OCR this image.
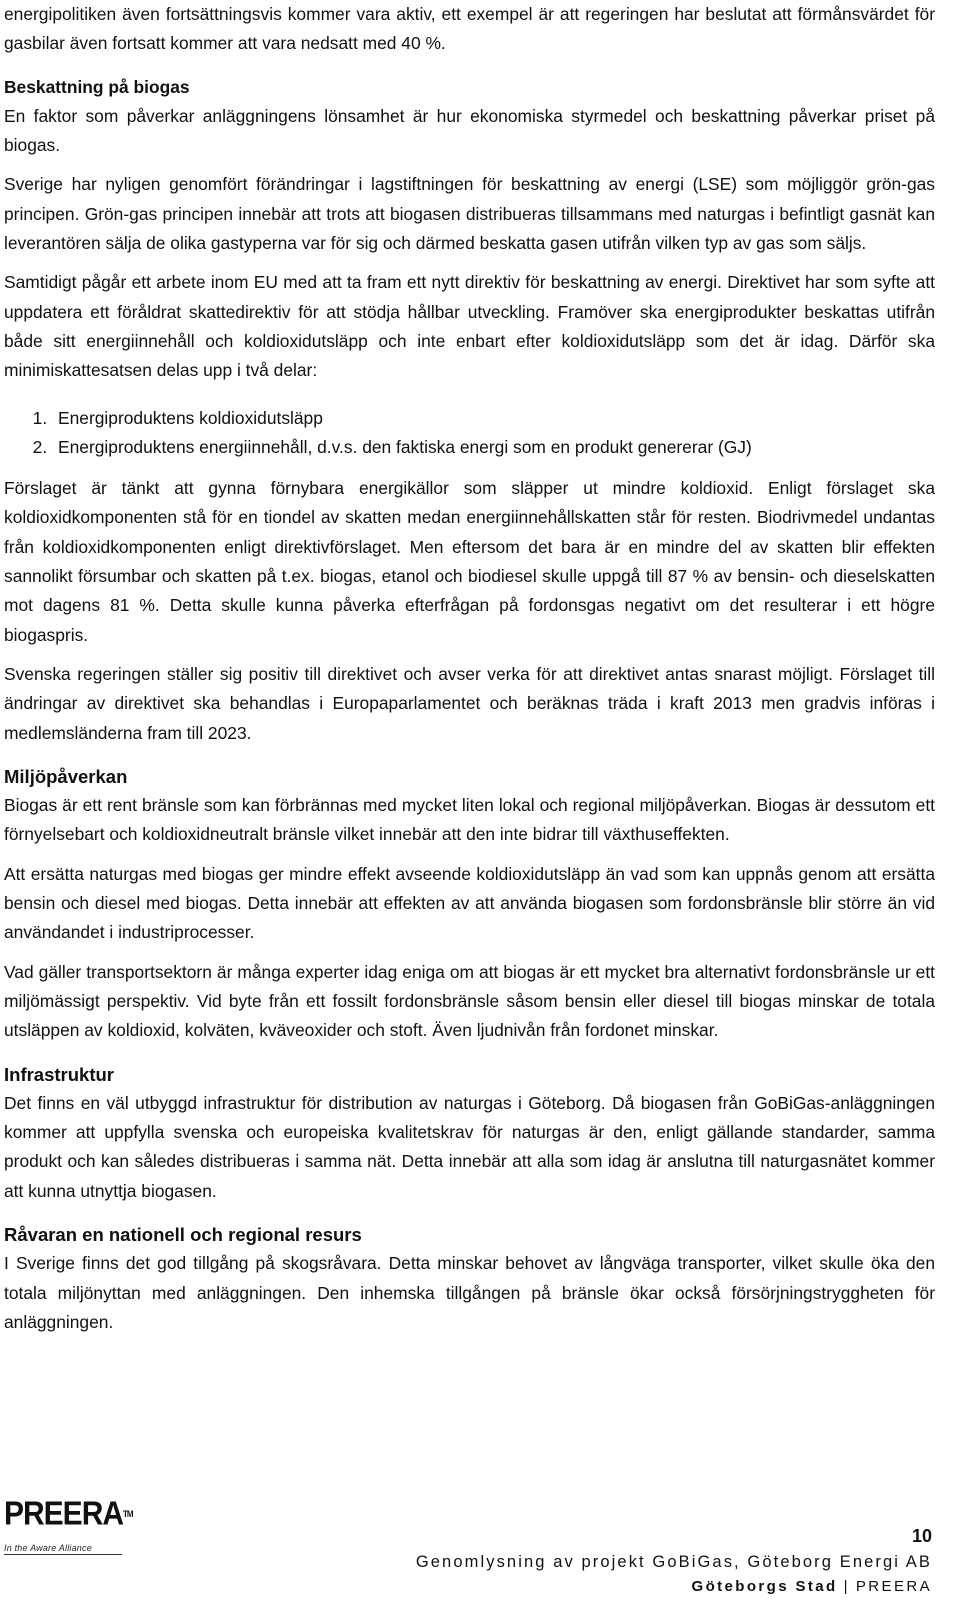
energipolitiken även fortsättningsvis kommer vara aktiv, ett exempel är att regeringen har beslutat att förmånsvärdet för gasbilar även fortsatt kommer att vara nedsatt med 40 %.

Beskattning på biogas

En faktor som påverkar anläggningens lönsamhet är hur ekonomiska styrmedel och beskattning påverkar priset på biogas.

Sverige har nyligen genomfört förändringar i lagstiftningen för beskattning av energi (LSE) som möjliggör grön-gas principen. Grön-gas principen innebär att trots att biogasen distribueras tillsammans med naturgas i befintligt gasnät kan leverantören sälja de olika gastyperna var för sig och därmed beskatta gasen utifrån vilken typ av gas som säljs.

Samtidigt pågår ett arbete inom EU med att ta fram ett nytt direktiv för beskattning av energi. Direktivet har som syfte att uppdatera ett föråldrat skattedirektiv för att stödja hållbar utveckling. Framöver ska energiprodukter beskattas utifrån både sitt energiinnehåll och koldioxidutsläpp och inte enbart efter koldioxidutsläpp som det är idag. Därför ska minimiskattesatsen delas upp i två delar:

1. Energiproduktens koldioxidutsläpp
2. Energiproduktens energiinnehåll, d.v.s. den faktiska energi som en produkt genererar (GJ)

Förslaget är tänkt att gynna förnybara energikällor som släpper ut mindre koldioxid. Enligt förslaget ska koldioxidkomponenten stå för en tiondel av skatten medan energiinnehållskatten står för resten. Biodrivmedel undantas från koldioxidkomponenten enligt direktivförslaget. Men eftersom det bara är en mindre del av skatten blir effekten sannolikt försumbar och skatten på t.ex. biogas, etanol och biodiesel skulle uppgå till 87 % av bensin- och dieselskatten mot dagens 81 %. Detta skulle kunna påverka efterfrågan på fordonsgas negativt om det resulterar i ett högre biogaspris.

Svenska regeringen ställer sig positiv till direktivet och avser verka för att direktivet antas snarast möjligt. Förslaget till ändringar av direktivet ska behandlas i Europaparlamentet och beräknas träda i kraft 2013 men gradvis införas i medlemsländerna fram till 2023.

Miljöpåverkan

Biogas är ett rent bränsle som kan förbrännas med mycket liten lokal och regional miljöpåverkan. Biogas är dessutom ett förnyelsebart och koldioxidneutralt bränsle vilket innebär att den inte bidrar till växthuseffekten.

Att ersätta naturgas med biogas ger mindre effekt avseende koldioxidutsläpp än vad som kan uppnås genom att ersätta bensin och diesel med biogas. Detta innebär att effekten av att använda biogasen som fordonsbränsle blir större än vid användandet i industriprocesser.

Vad gäller transportsektorn är många experter idag eniga om att biogas är ett mycket bra alternativt fordonsbränsle ur ett miljömässigt perspektiv. Vid byte från ett fossilt fordonsbränsle såsom bensin eller diesel till biogas minskar de totala utsläppen av koldioxid, kolväten, kväveoxider och stoft. Även ljudnivån från fordonet minskar.

Infrastruktur

Det finns en väl utbyggd infrastruktur för distribution av naturgas i Göteborg. Då biogasen från GoBiGas-anläggningen kommer att uppfylla svenska och europeiska kvalitetskrav för naturgas är den, enligt gällande standarder, samma produkt och kan således distribueras i samma nät. Detta innebär att alla som idag är anslutna till naturgasnätet kommer att kunna utnyttja biogasen.

Råvaran en nationell och regional resurs

I Sverige finns det god tillgång på skogsråvara. Detta minskar behovet av långväga transporter, vilket skulle öka den totala miljönyttan med anläggningen. Den inhemska tillgången på bränsle ökar också försörjningstryggheten för anläggningen.

PREERA™
In the Aware Alliance
10
Genomlysning av projekt GoBiGas, Göteborg Energi AB
Göteborgs Stad | PREERA
